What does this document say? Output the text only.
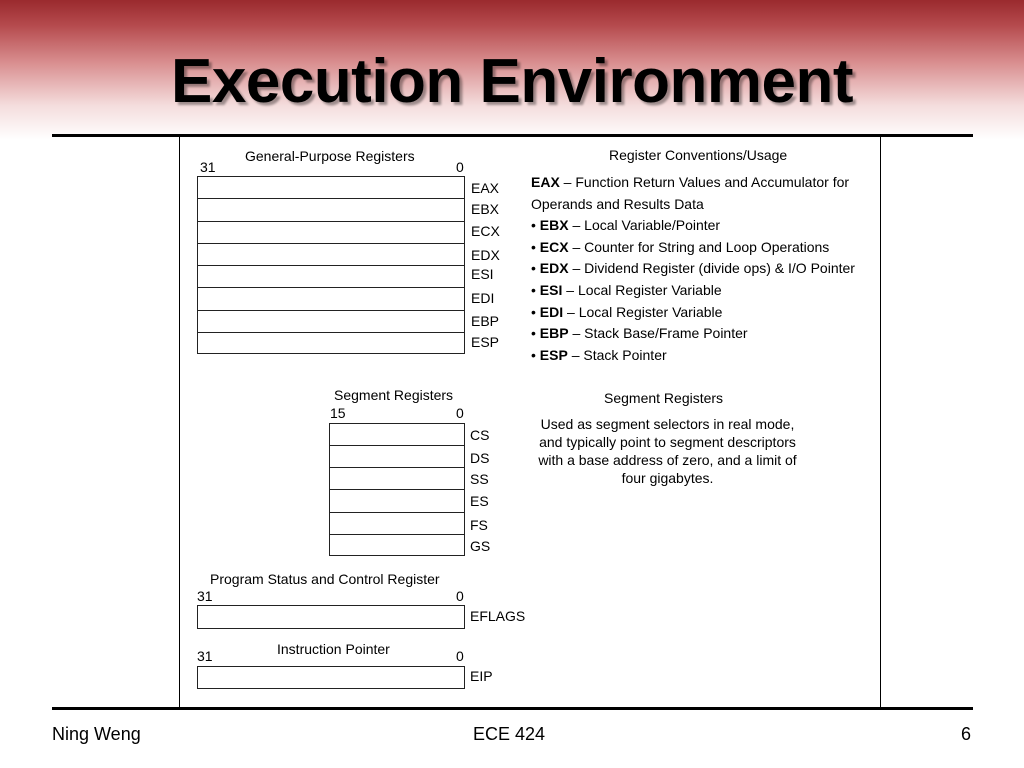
Execution Environment
General-Purpose Registers
31	0
EAX
EBX
ECX
EDX
ESI
EDI
EBP
ESP
Register Conventions/Usage

EAX – Function Return Values and Accumulator for Operands and Results Data

• EBX – Local Variable/Pointer

• ECX – Counter for String and Loop Operations

• EDX – Dividend Register (divide ops) & I/O Pointer

• ESI – Local Register Variable

• EDI – Local Register Variable

• EBP – Stack Base/Frame Pointer

• ESP – Stack Pointer

Segment Registers
15	0
CS
DS
SS
ES
FS
GS
Segment Registers
Used as segment selectors in real mode,
and typically point to segment descriptors
with a base address of zero, and a limit of
four gigabytes.
Program Status and Control Register
31	0
EFLAGS
Instruction Pointer
31	0
EIP
Ning Weng	ECE 424	6
